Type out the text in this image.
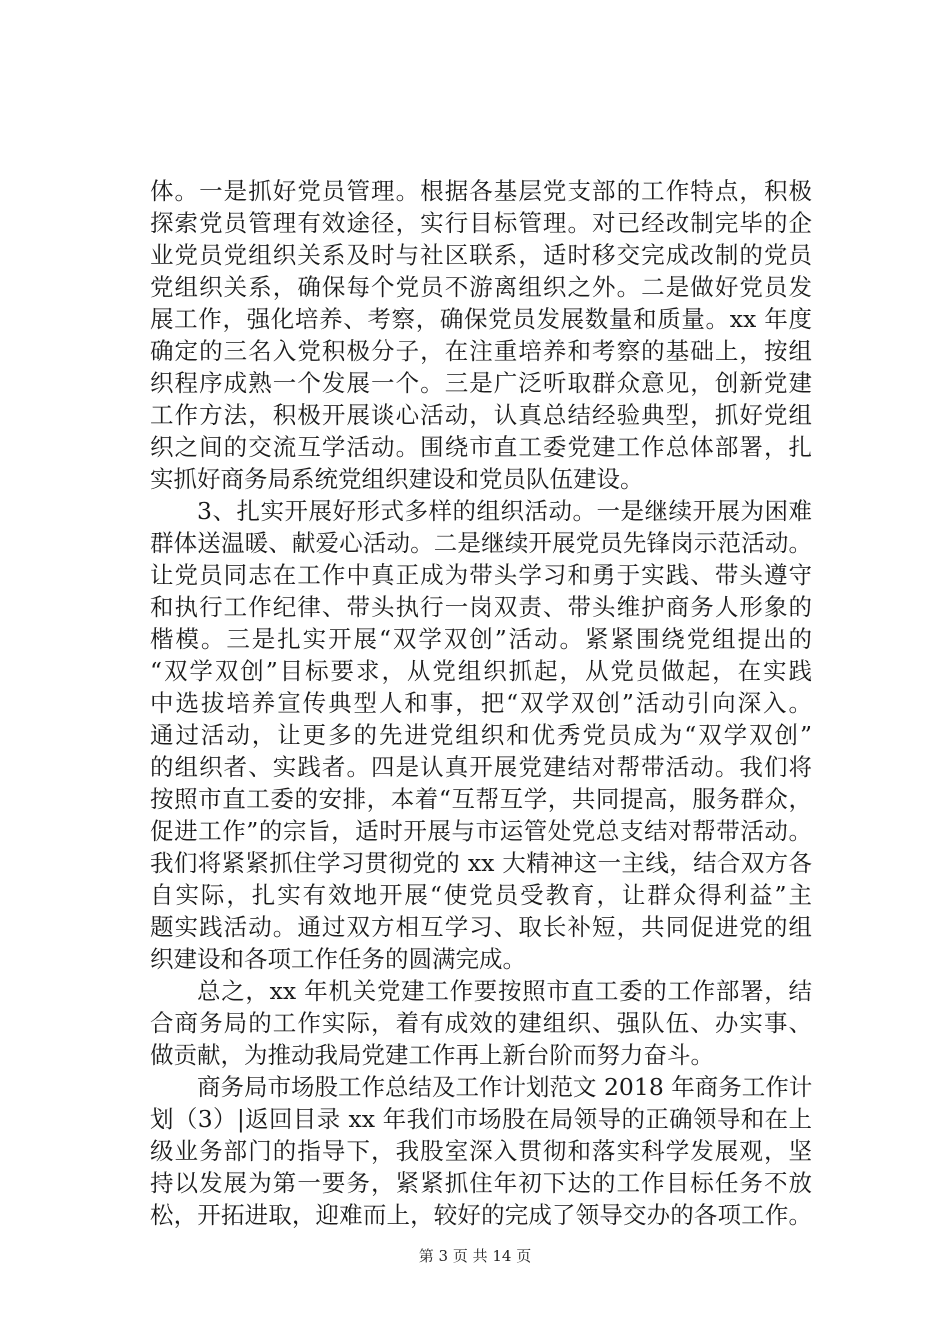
体。一是抓好党员管理。根据各基层党支部的工作特点，积极
探索党员管理有效途径，实行目标管理。对已经改制完毕的企
业党员党组织关系及时与社区联系，适时移交完成改制的党员
党组织关系，确保每个党员不游离组织之外。二是做好党员发
展工作，强化培养、考察，确保党员发展数量和质量。xx 年度
确定的三名入党积极分子，在注重培养和考察的基础上，按组
织程序成熟一个发展一个。三是广泛听取群众意见，创新党建
工作方法，积极开展谈心活动，认真总结经验典型，抓好党组
织之间的交流互学活动。围绕市直工委党建工作总体部署，扎
实抓好商务局系统党组织建设和党员队伍建设。
3、扎实开展好形式多样的组织活动。一是继续开展为困难
群体送温暖、献爱心活动。二是继续开展党员先锋岗示范活动。
让党员同志在工作中真正成为带头学习和勇于实践、带头遵守
和执行工作纪律、带头执行一岗双责、带头维护商务人形象的
楷模。三是扎实开展“双学双创”活动。紧紧围绕党组提出的
“双学双创”目标要求，从党组织抓起，从党员做起，在实践
中选拔培养宣传典型人和事，把“双学双创”活动引向深入。
通过活动，让更多的先进党组织和优秀党员成为“双学双创”
的组织者、实践者。四是认真开展党建结对帮带活动。我们将
按照市直工委的安排，本着“互帮互学，共同提高，服务群众，
促进工作”的宗旨，适时开展与市运管处党总支结对帮带活动。
我们将紧紧抓住学习贯彻党的 xx 大精神这一主线，结合双方各
自实际，扎实有效地开展“使党员受教育，让群众得利益”主
题实践活动。通过双方相互学习、取长补短，共同促进党的组
织建设和各项工作任务的圆满完成。
总之，xx 年机关党建工作要按照市直工委的工作部署，结
合商务局的工作实际，着有成效的建组织、强队伍、办实事、
做贡献，为推动我局党建工作再上新台阶而努力奋斗。
商务局市场股工作总结及工作计划范文 2018 年商务工作计
划（3）|返回目录 xx 年我们市场股在局领导的正确领导和在上
级业务部门的指导下，我股室深入贯彻和落实科学发展观，坚
持以发展为第一要务，紧紧抓住年初下达的工作目标任务不放
松，开拓进取，迎难而上，较好的完成了领导交办的各项工作。
第 3 页 共 14 页
